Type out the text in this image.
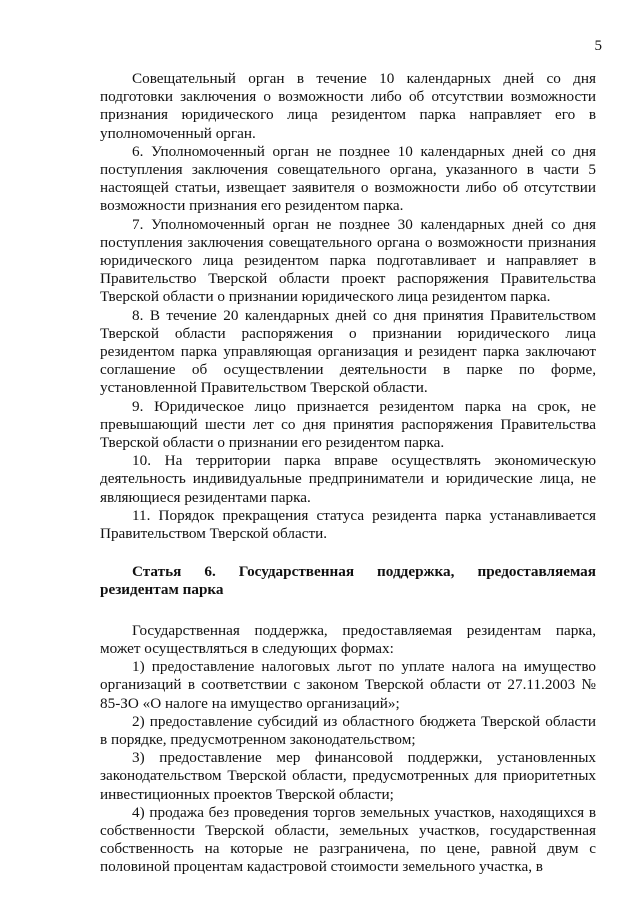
5

Совещательный орган в течение 10 календарных дней со дня подготовки заключения о возможности либо об отсутствии возможности признания юридического лица резидентом парка направляет его в уполномоченный орган.

6. Уполномоченный орган не позднее 10 календарных дней со дня поступления заключения совещательного органа, указанного в части 5 настоящей статьи, извещает заявителя о возможности либо об отсутствии возможности признания его резидентом парка.

7. Уполномоченный орган не позднее 30 календарных дней со дня поступления заключения совещательного органа о возможности признания юридического лица резидентом парка подготавливает и направляет в Правительство Тверской области проект распоряжения Правительства Тверской области о признании юридического лица резидентом парка.

8. В течение 20 календарных дней со дня принятия Правительством Тверской области распоряжения о признании юридического лица резидентом парка управляющая организация и резидент парка заключают соглашение об осуществлении деятельности в парке по форме, установленной Правительством Тверской области.

9. Юридическое лицо признается резидентом парка на срок, не превышающий шести лет со дня принятия распоряжения Правительства Тверской области о признании его резидентом парка.

10. На территории парка вправе осуществлять экономическую деятельность индивидуальные предприниматели и юридические лица, не являющиеся резидентами парка.

11. Порядок прекращения статуса резидента парка устанавливается Правительством Тверской области.

Статья 6. Государственная поддержка, предоставляемая резидентам парка

Государственная поддержка, предоставляемая резидентам парка, может осуществляться в следующих формах:

1) предоставление налоговых льгот по уплате налога на имущество организаций в соответствии с законом Тверской области от 27.11.2003 № 85-ЗО «О налоге на имущество организаций»;

2) предоставление субсидий из областного бюджета Тверской области в порядке, предусмотренном законодательством;

3) предоставление мер финансовой поддержки, установленных законодательством Тверской области, предусмотренных для приоритетных инвестиционных проектов Тверской области;

4) продажа без проведения торгов земельных участков, находящихся в собственности Тверской области, земельных участков, государственная собственность на которые не разграничена, по цене, равной двум с половиной процентам кадастровой стоимости земельного участка, в
